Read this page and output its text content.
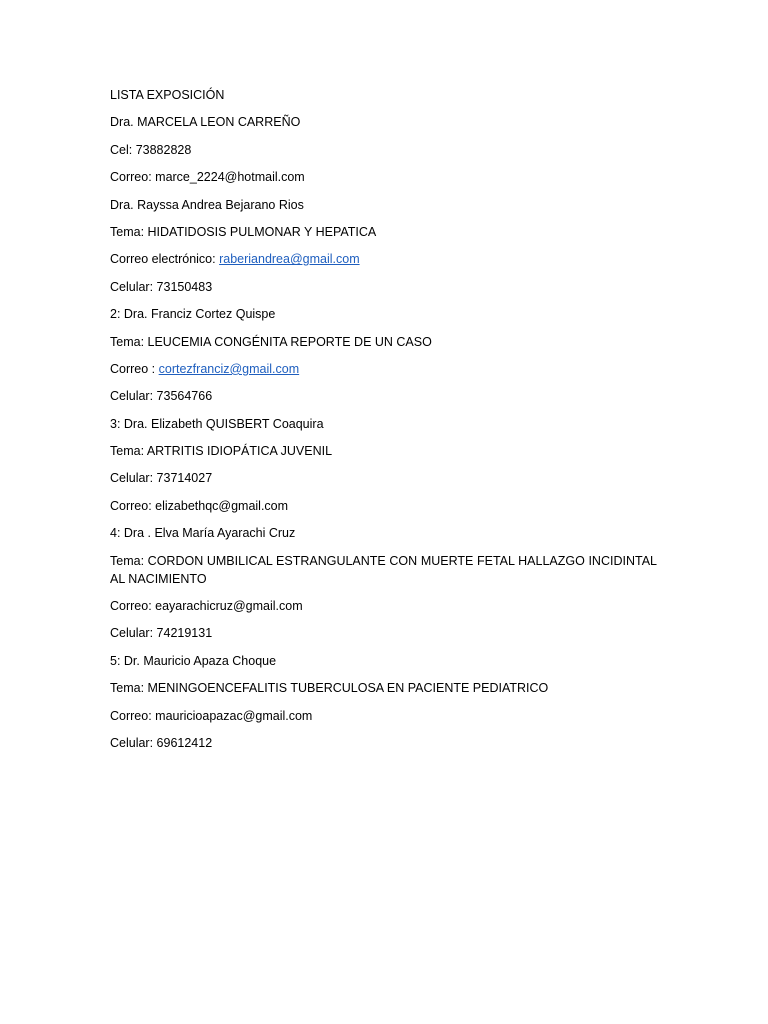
LISTA EXPOSICIÓN

Dra. MARCELA LEON CARREÑO

Cel: 73882828

Correo: marce_2224@hotmail.com

Dra. Rayssa Andrea Bejarano Rios

Tema: HIDATIDOSIS PULMONAR Y HEPATICA

Correo electrónico: raberiandrea@gmail.com

Celular: 73150483

2: Dra. Franciz Cortez Quispe

Tema: LEUCEMIA CONGÉNITA REPORTE DE UN CASO

Correo : cortezfranciz@gmail.com

Celular: 73564766

3: Dra. Elizabeth QUISBERT Coaquira

Tema: ARTRITIS IDIOPÁTICA JUVENIL

Celular: 73714027

Correo: elizabethqc@gmail.com

4: Dra . Elva María Ayarachi Cruz

Tema: CORDON UMBILICAL ESTRANGULANTE CON MUERTE FETAL HALLAZGO INCIDINTAL AL NACIMIENTO

Correo: eayarachicruz@gmail.com

Celular: 74219131

5: Dr. Mauricio Apaza Choque

Tema: MENINGOENCEFALITIS TUBERCULOSA EN PACIENTE PEDIATRICO

Correo: mauricioapazac@gmail.com

Celular: 69612412
